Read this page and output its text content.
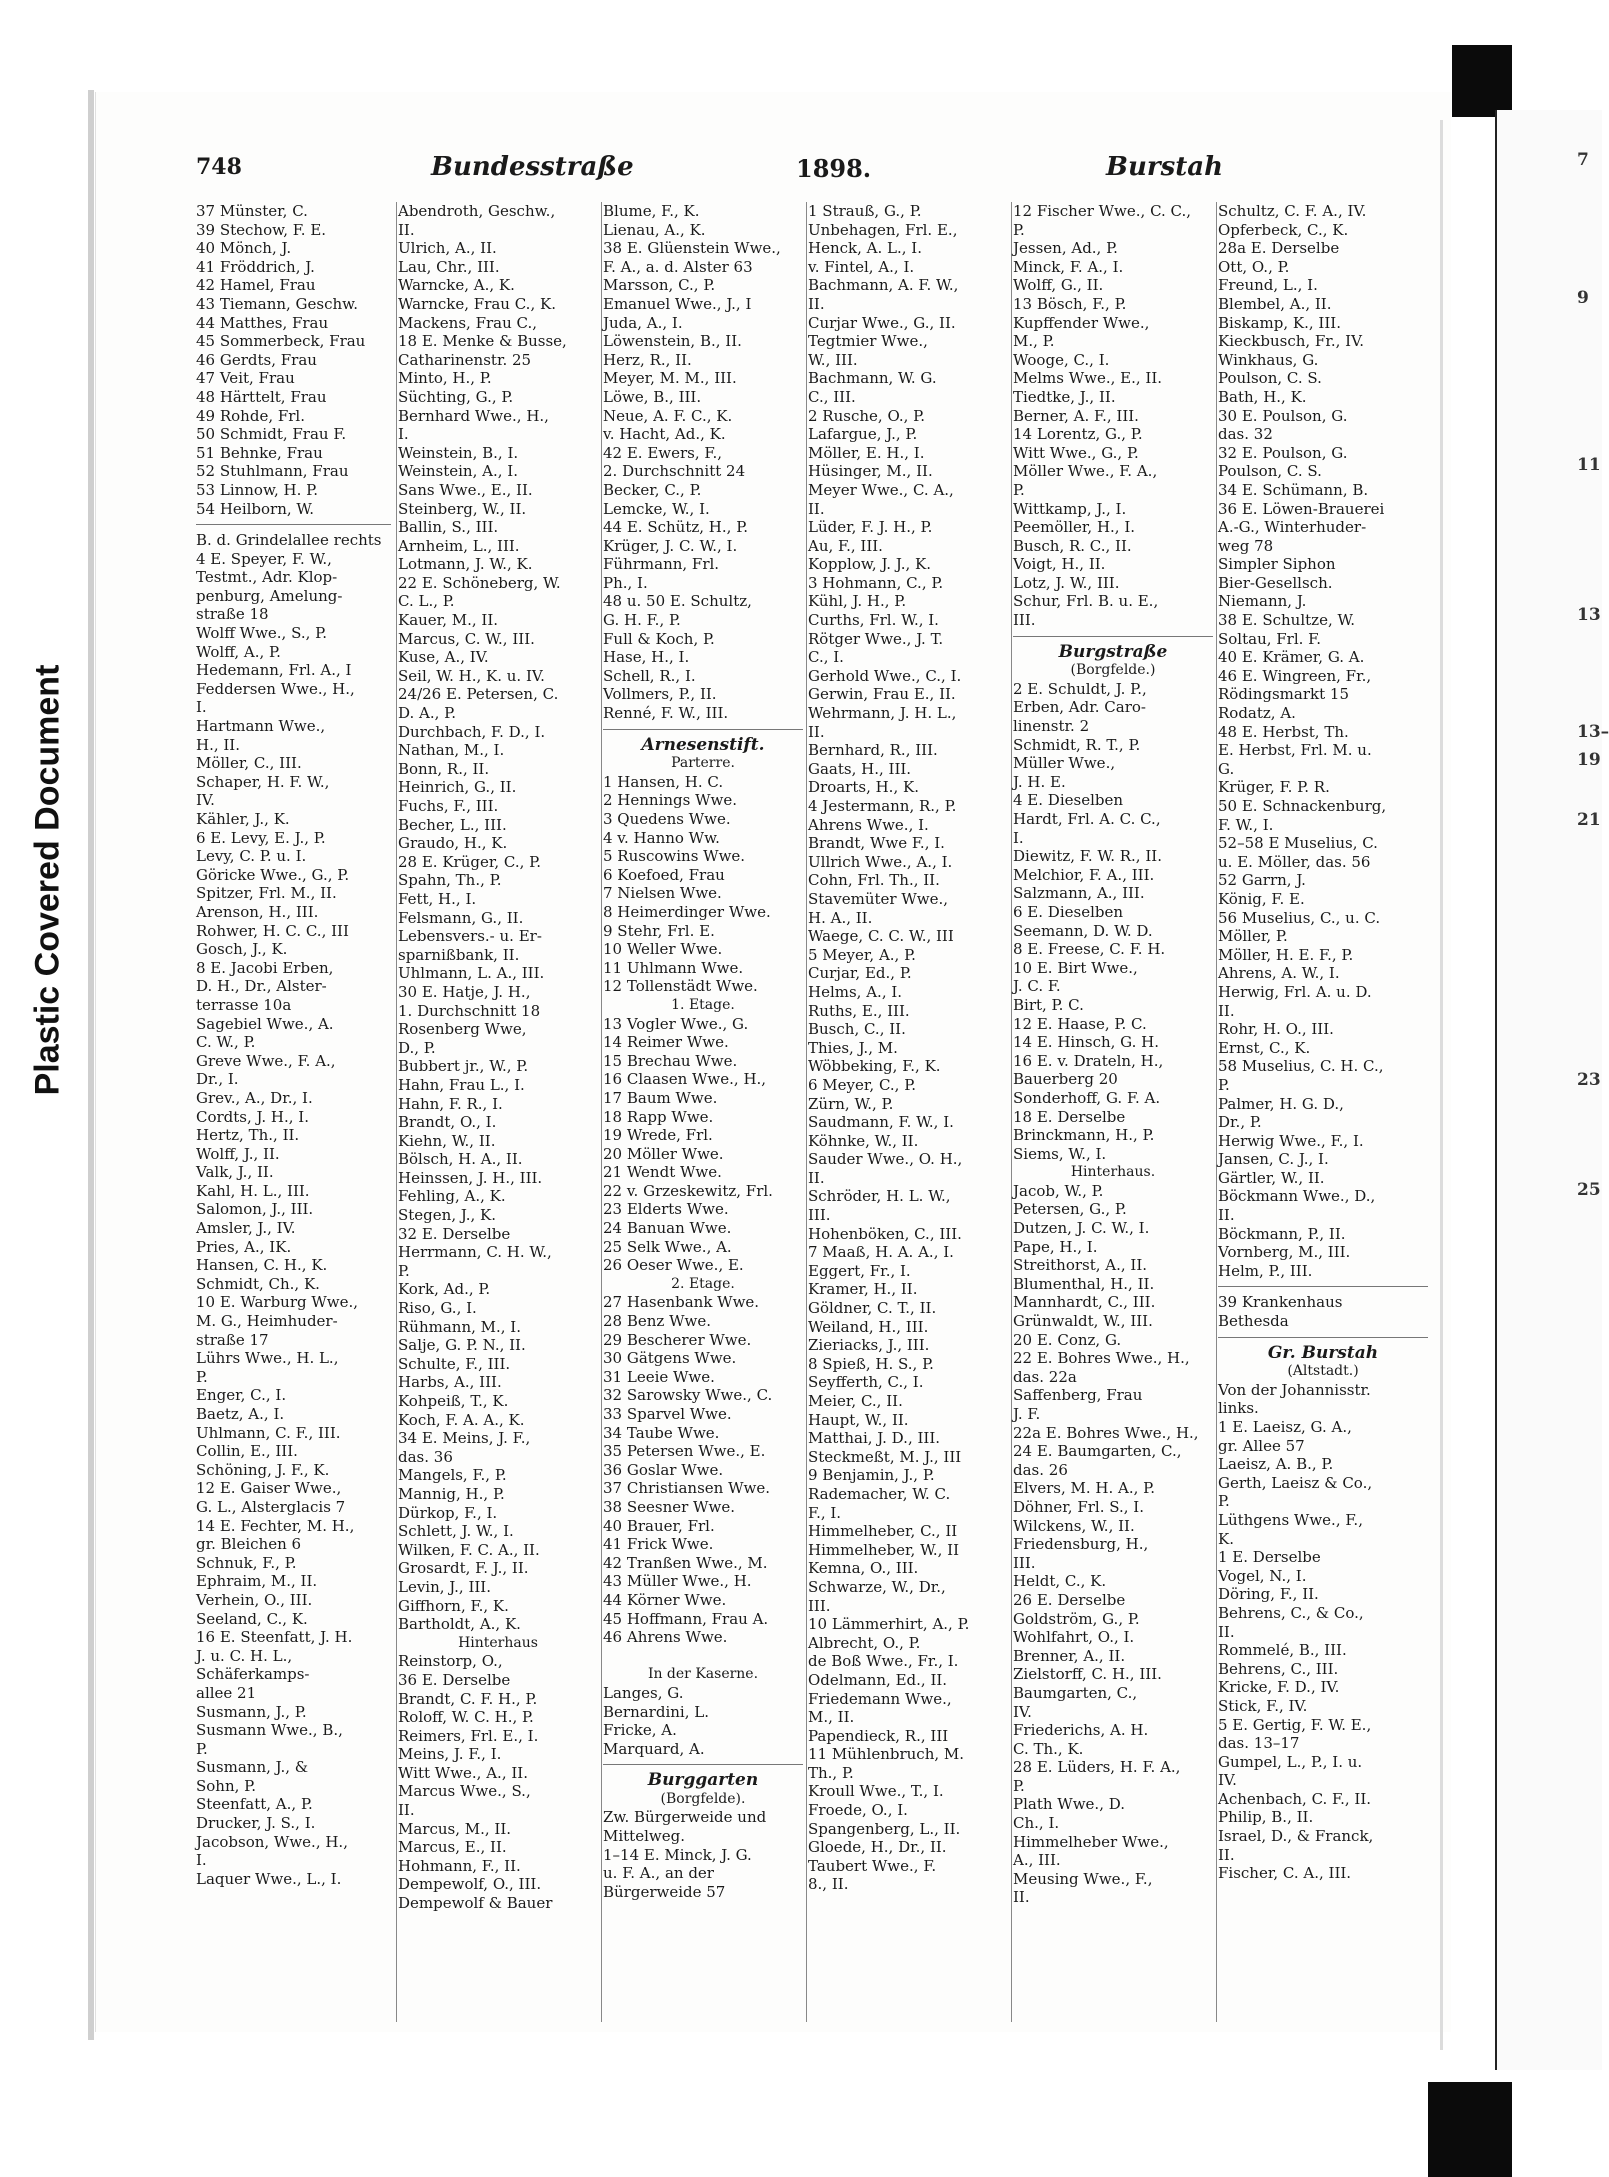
Plastic Covered Document
748	Bundesstraße	1898.	Burstah
37 Münster, C.
39 Stechow, F. E.
40 Mönch, J.
41 Fröddrich, J.
42 Hamel, Frau
43 Tiemann, Geschw.
44 Matthes, Frau
45 Sommerbeck, Frau
46 Gerdts, Frau
47 Veit, Frau
48 Härttelt, Frau
49 Rohde, Frl.
50 Schmidt, Frau F.
51 Behnke, Frau
52 Stuhlmann, Frau
53 Linnow, H. P.
54 Heilborn, W.
B. d. Grindelallee rechts
4 E. Speyer, F. W.,
Testmt., Adr. Klop-
penburg, Amelung-
straße 18
Wolff Wwe., S., P.
Wolff, A., P.
Hedemann, Frl. A., I
Feddersen Wwe., H.,
I.
Hartmann Wwe.,
H., II.
Möller, C., III.
Schaper, H. F. W.,
IV.
Kähler, J., K.
6 E. Levy, E. J., P.
Levy, C. P. u. I.
Göricke Wwe., G., P.
Spitzer, Frl. M., II.
Arenson, H., III.
Rohwer, H. C. C., III
Gosch, J., K.
8 E. Jacobi Erben,
D. H., Dr., Alster-
terrasse 10a
Sagebiel Wwe., A.
C. W., P.
Greve Wwe., F. A.,
Dr., I.
Grev., A., Dr., I.
Cordts, J. H., I.
Hertz, Th., II.
Wolff, J., II.
Valk, J., II.
Kahl, H. L., III.
Salomon, J., III.
Amsler, J., IV.
Pries, A., IK.
Hansen, C. H., K.
Schmidt, Ch., K.
10 E. Warburg Wwe.,
M. G., Heimhuder-
straße 17
Lührs Wwe., H. L.,
P.
Enger, C., I.
Baetz, A., I.
Uhlmann, C. F., III.
Collin, E., III.
Schöning, J. F., K.
12 E. Gaiser Wwe.,
G. L., Alsterglacis 7
14 E. Fechter, M. H.,
gr. Bleichen 6
Schnuk, F., P.
Ephraim, M., II.
Verhein, O., III.
Seeland, C., K.
16 E. Steenfatt, J. H.
J. u. C. H. L.,
Schäferkamps-
allee 21
Susmann, J., P.
Susmann Wwe., B.,
P.
Susmann, J., &
Sohn, P.
Steenfatt, A., P.
Drucker, J. S., I.
Jacobson, Wwe., H.,
I.
Laquer Wwe., L., I.
Abendroth, Geschw.,
II.
Ulrich, A., II.
Lau, Chr., III.
Warncke, A., K.
Warncke, Frau C., K.
Mackens, Frau C.,
18 E. Menke & Busse,
Catharinenstr. 25
Minto, H., P.
Süchting, G., P.
Bernhard Wwe., H.,
I.
Weinstein, B., I.
Weinstein, A., I.
Sans Wwe., E., II.
Steinberg, W., II.
Ballin, S., III.
Arnheim, L., III.
Lotmann, J. W., K.
22 E. Schöneberg, W.
C. L., P.
Kauer, M., II.
Marcus, C. W., III.
Kuse, A., IV.
Seil, W. H., K. u. IV.
24/26 E. Petersen, C.
D. A., P.
Durchbach, F. D., I.
Nathan, M., I.
Bonn, R., II.
Heinrich, G., II.
Fuchs, F., III.
Becher, L., III.
Graudo, H., K.
28 E. Krüger, C., P.
Spahn, Th., P.
Fett, H., I.
Felsmann, G., II.
Lebensvers.- u. Er-
sparnißbank, II.
Uhlmann, L. A., III.
30 E. Hatje, J. H.,
1. Durchschnitt 18
Rosenberg Wwe,
D., P.
Bubbert jr., W., P.
Hahn, Frau L., I.
Hahn, F. R., I.
Brandt, O., I.
Kiehn, W., II.
Bölsch, H. A., II.
Heinssen, J. H., III.
Fehling, A., K.
Stegen, J., K.
32 E. Derselbe
Herrmann, C. H. W.,
P.
Kork, Ad., P.
Riso, G., I.
Rühmann, M., I.
Salje, G. P. N., II.
Schulte, F., III.
Harbs, A., III.
Kohpeiß, T., K.
Koch, F. A. A., K.
34 E. Meins, J. F.,
das. 36
Mangels, F., P.
Mannig, H., P.
Dürkop, F., I.
Schlett, J. W., I.
Wilken, F. C. A., II.
Grosardt, F. J., II.
Levin, J., III.
Giffhorn, F., K.
Bartholdt, A., K.
Hinterhaus
Reinstorp, O.,
36 E. Derselbe
Brandt, C. F. H., P.
Roloff, W. C. H., P.
Reimers, Frl. E., I.
Meins, J. F., I.
Witt Wwe., A., II.
Marcus Wwe., S.,
II.
Marcus, M., II.
Marcus, E., II.
Hohmann, F., II.
Dempewolf, O., III.
Dempewolf & Bauer
Blume, F., K.
Lienau, A., K.
38 E. Glüenstein Wwe.,
F. A., a. d. Alster 63
Marsson, C., P.
Emanuel Wwe., J., I
Juda, A., I.
Löwenstein, B., II.
Herz, R., II.
Meyer, M. M., III.
Löwe, B., III.
Neue, A. F. C., K.
v. Hacht, Ad., K.
42 E. Ewers, F.,
2. Durchschnitt 24
Becker, C., P.
Lemcke, W., I.
44 E. Schütz, H., P.
Krüger, J. C. W., I.
Führmann, Frl.
Ph., I.
48 u. 50 E. Schultz,
G. H. F., P.
Full & Koch, P.
Hase, H., I.
Schell, R., I.
Vollmers, P., II.
Renné, F. W., III.
Arnesenstift.
Parterre.
1 Hansen, H. C.
2 Hennings Wwe.
3 Quedens Wwe.
4 v. Hanno Ww.
5 Ruscowins Wwe.
6 Koefoed, Frau
7 Nielsen Wwe.
8 Heimerdinger Wwe.
9 Stehr, Frl. E.
10 Weller Wwe.
11 Uhlmann Wwe.
12 Tollenstädt Wwe.
1. Etage.
13 Vogler Wwe., G.
14 Reimer Wwe.
15 Brechau Wwe.
16 Claasen Wwe., H.,
17 Baum Wwe.
18 Rapp Wwe.
19 Wrede, Frl.
20 Möller Wwe.
21 Wendt Wwe.
22 v. Grzeskewitz, Frl.
23 Elderts Wwe.
24 Banuan Wwe.
25 Selk Wwe., A.
26 Oeser Wwe., E.
2. Etage.
27 Hasenbank Wwe.
28 Benz Wwe.
29 Bescherer Wwe.
30 Gätgens Wwe.
31 Leeie Wwe.
32 Sarowsky Wwe., C.
33 Sparvel Wwe.
34 Taube Wwe.
35 Petersen Wwe., E.
36 Goslar Wwe.
37 Christiansen Wwe.
38 Seesner Wwe.
40 Brauer, Frl.
41 Frick Wwe.
42 Tranßen Wwe., M.
43 Müller Wwe., H.
44 Körner Wwe.
45 Hoffmann, Frau A.
46 Ahrens Wwe.
In der Kaserne.
Langes, G.
Bernardini, L.
Fricke, A.
Marquard, A.
Burggarten
(Borgfelde).
Zw. Bürgerweide und
Mittelweg.
1–14 E. Minck, J. G.
u. F. A., an der
Bürgerweide 57
1 Strauß, G., P.
Unbehagen, Frl. E.,
Henck, A. L., I.
v. Fintel, A., I.
Bachmann, A. F. W.,
II.
Curjar Wwe., G., II.
Tegtmier Wwe.,
W., III.
Bachmann, W. G.
C., III.
2 Rusche, O., P.
Lafargue, J., P.
Möller, E. H., I.
Hüsinger, M., II.
Meyer Wwe., C. A.,
II.
Lüder, F. J. H., P.
Au, F., III.
Kopplow, J. J., K.
3 Hohmann, C., P.
Kühl, J. H., P.
Curths, Frl. W., I.
Rötger Wwe., J. T.
C., I.
Gerhold Wwe., C., I.
Gerwin, Frau E., II.
Wehrmann, J. H. L.,
II.
Bernhard, R., III.
Gaats, H., III.
Droarts, H., K.
4 Jestermann, R., P.
Ahrens Wwe., I.
Brandt, Wwe F., I.
Ullrich Wwe., A., I.
Cohn, Frl. Th., II.
Stavemüter Wwe.,
H. A., II.
Waege, C. C. W., III
5 Meyer, A., P.
Curjar, Ed., P.
Helms, A., I.
Ruths, E., III.
Busch, C., II.
Thies, J., M.
Wöbbeking, F., K.
6 Meyer, C., P.
Zürn, W., P.
Saudmann, F. W., I.
Köhnke, W., II.
Sauder Wwe., O. H.,
II.
Schröder, H. L. W.,
III.
Hohenböken, C., III.
7 Maaß, H. A. A., I.
Eggert, Fr., I.
Kramer, H., II.
Göldner, C. T., II.
Weiland, H., III.
Zieriacks, J., III.
8 Spieß, H. S., P.
Seyfferth, C., I.
Meier, C., II.
Haupt, W., II.
Matthai, J. D., III.
Steckmeßt, M. J., III
9 Benjamin, J., P.
Rademacher, W. C.
F., I.
Himmelheber, C., II
Himmelheber, W., II
Kemna, O., III.
Schwarze, W., Dr.,
III.
10 Lämmerhirt, A., P.
Albrecht, O., P.
de Boß Wwe., Fr., I.
Odelmann, Ed., II.
Friedemann Wwe.,
M., II.
Papendieck, R., III
11 Mühlenbruch, M.
Th., P.
Kroull Wwe., T., I.
Froede, O., I.
Spangenberg, L., II.
Gloede, H., Dr., II.
Taubert Wwe., F.
8., II.
12 Fischer Wwe., C. C.,
P.
Jessen, Ad., P.
Minck, F. A., I.
Wolff, G., II.
13 Bösch, F., P.
Kupffender Wwe.,
M., P.
Wooge, C., I.
Melms Wwe., E., II.
Tiedtke, J., II.
Berner, A. F., III.
14 Lorentz, G., P.
Witt Wwe., G., P.
Möller Wwe., F. A.,
P.
Wittkamp, J., I.
Peemöller, H., I.
Busch, R. C., II.
Voigt, H., II.
Lotz, J. W., III.
Schur, Frl. B. u. E.,
III.
Burgstraße
(Borgfelde.)
2 E. Schuldt, J. P.,
Erben, Adr. Caro-
linenstr. 2
Schmidt, R. T., P.
Müller Wwe.,
J. H. E.
4 E. Dieselben
Hardt, Frl. A. C. C.,
I.
Diewitz, F. W. R., II.
Melchior, F. A., III.
Salzmann, A., III.
6 E. Dieselben
Seemann, D. W. D.
8 E. Freese, C. F. H.
10 E. Birt Wwe.,
J. C. F.
Birt, P. C.
12 E. Haase, P. C.
14 E. Hinsch, G. H.
16 E. v. Drateln, H.,
Bauerberg 20
Sonderhoff, G. F. A.
18 E. Derselbe
Brinckmann, H., P.
Siems, W., I.
Hinterhaus.
Jacob, W., P.
Petersen, G., P.
Dutzen, J. C. W., I.
Pape, H., I.
Streithorst, A., II.
Blumenthal, H., II.
Mannhardt, C., III.
Grünwaldt, W., III.
20 E. Conz, G.
22 E. Bohres Wwe., H.,
das. 22a
Saffenberg, Frau
J. F.
22a E. Bohres Wwe., H.,
24 E. Baumgarten, C.,
das. 26
Elvers, M. H. A., P.
Döhner, Frl. S., I.
Wilckens, W., II.
Friedensburg, H.,
III.
Heldt, C., K.
26 E. Derselbe
Goldström, G., P.
Wohlfahrt, O., I.
Brenner, A., II.
Zielstorff, C. H., III.
Baumgarten, C.,
IV.
Friederichs, A. H.
C. Th., K.
28 E. Lüders, H. F. A.,
P.
Plath Wwe., D.
Ch., I.
Himmelheber Wwe.,
A., III.
Meusing Wwe., F.,
II.
Schultz, C. F. A., IV.
Opferbeck, C., K.
28a E. Derselbe
Ott, O., P.
Freund, L., I.
Blembel, A., II.
Biskamp, K., III.
Kieckbusch, Fr., IV.
Winkhaus, G.
Poulson, C. S.
Bath, H., K.
30 E. Poulson, G.
das. 32
32 E. Poulson, G.
Poulson, C. S.
34 E. Schümann, B.
36 E. Löwen-Brauerei
A.-G., Winterhuder-
weg 78
Simpler Siphon
Bier-Gesellsch.
Niemann, J.
38 E. Schultze, W.
Soltau, Frl. F.
40 E. Krämer, G. A.
46 E. Wingreen, Fr.,
Rödingsmarkt 15
Rodatz, A.
48 E. Herbst, Th.
E. Herbst, Frl. M. u.
G.
Krüger, F. P. R.
50 E. Schnackenburg,
F. W., I.
52–58 E Muselius, C.
u. E. Möller, das. 56
52 Garrn, J.
König, F. E.
56 Muselius, C., u. C.
Möller, P.
Möller, H. E. F., P.
Ahrens, A. W., I.
Herwig, Frl. A. u. D.
II.
Rohr, H. O., III.
Ernst, C., K.
58 Muselius, C. H. C.,
P.
Palmer, H. G. D.,
Dr., P.
Herwig Wwe., F., I.
Jansen, C. J., I.
Gärtler, W., II.
Böckmann Wwe., D.,
II.
Böckmann, P., II.
Vornberg, M., III.
Helm, P., III.
39 Krankenhaus
Bethesda
Gr. Burstah
(Altstadt.)
Von der Johannisstr.
links.
1 E. Laeisz, G. A.,
gr. Allee 57
Laeisz, A. B., P.
Gerth, Laeisz & Co.,
P.
Lüthgens Wwe., F.,
K.
1 E. Derselbe
Vogel, N., I.
Döring, F., II.
Behrens, C., & Co.,
II.
Rommelé, B., III.
Behrens, C., III.
Kricke, F. D., IV.
Stick, F., IV.
5 E. Gertig, F. W. E.,
das. 13–17
Gumpel, L., P., I. u.
IV.
Achenbach, C. F., II.
Philip, B., II.
Israel, D., & Franck,
II.
Fischer, C. A., III.
7
9
11
13
13–
19
21
23
25
